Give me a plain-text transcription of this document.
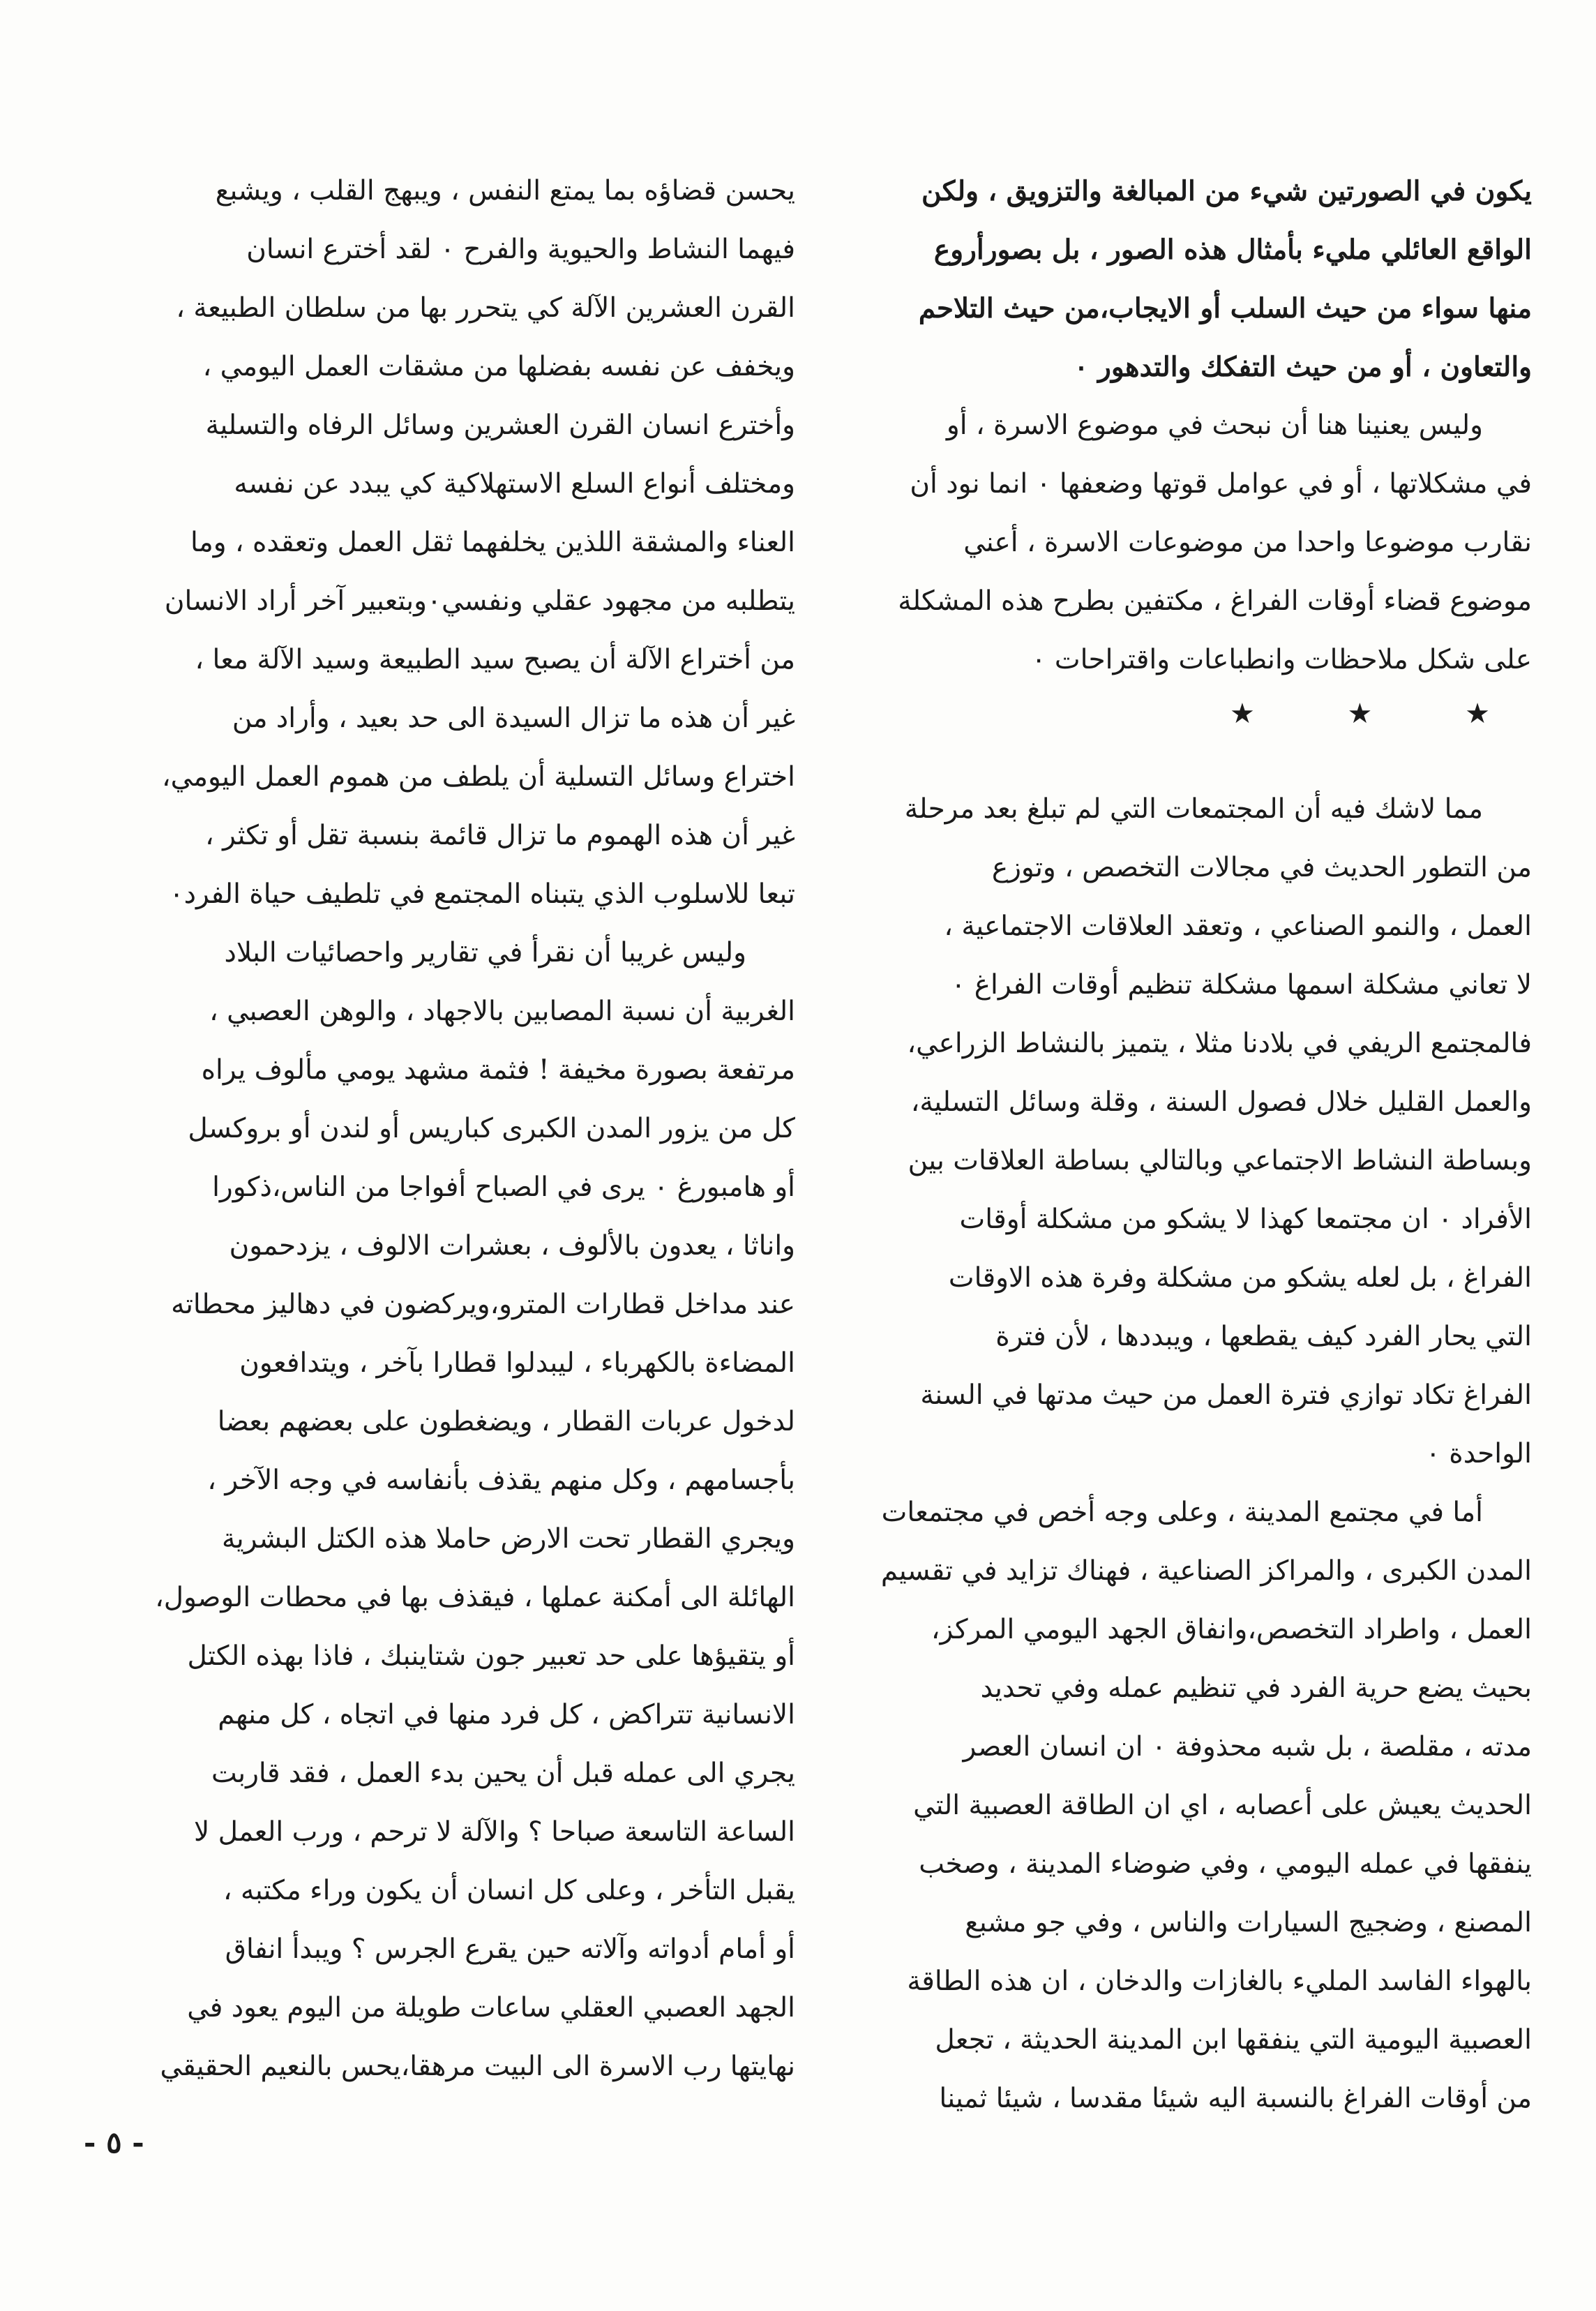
يكون في الصورتين شيء من المبالغة والتزويق ، ولكن
الواقع العائلي مليء بأمثال هذه الصور ، بل بصورأروع
منها سواء من حيث السلب أو الايجاب،من حيث التلاحم
والتعاون ، أو من حيث التفكك والتدهور ٠
وليس يعنينا هنا أن نبحث في موضوع الاسرة ، أو
في مشكلاتها ، أو في عوامل قوتها وضعفها ٠ انما نود أن
نقارب موضوعا واحدا من موضوعات الاسرة ، أعني
موضوع قضاء أوقات الفراغ ، مكتفين بطرح هذه المشكلة
على شكل ملاحظات وانطباعات واقتراحات ٠
★ ★ ★
مما لاشك فيه أن المجتمعات التي لم تبلغ بعد مرحلة
من التطور الحديث في مجالات التخصص ، وتوزع
العمل ، والنمو الصناعي ، وتعقد العلاقات الاجتماعية ،
لا تعاني مشكلة اسمها مشكلة تنظيم أوقات الفراغ ٠
فالمجتمع الريفي في بلادنا مثلا ، يتميز بالنشاط الزراعي،
والعمل القليل خلال فصول السنة ، وقلة وسائل التسلية،
وبساطة النشاط الاجتماعي وبالتالي بساطة العلاقات بين
الأفراد ٠ ان مجتمعا كهذا لا يشكو من مشكلة أوقات
الفراغ ، بل لعله يشكو من مشكلة وفرة هذه الاوقات
التي يحار الفرد كيف يقطعها ، ويبددها ، لأن فترة
الفراغ تكاد توازي فترة العمل من حيث مدتها في السنة
الواحدة ٠
أما في مجتمع المدينة ، وعلى وجه أخص في مجتمعات
المدن الكبرى ، والمراكز الصناعية ، فهناك تزايد في تقسيم
العمل ، واطراد التخصص،وانفاق الجهد اليومي المركز،
بحيث يضع حرية الفرد في تنظيم عمله وفي تحديد
مدته ، مقلصة ، بل شبه محذوفة ٠ ان انسان العصر
الحديث يعيش على أعصابه ، اي ان الطاقة العصبية التي
ينفقها في عمله اليومي ، وفي ضوضاء المدينة ، وصخب
المصنع ، وضجيج السيارات والناس ، وفي جو مشبع
بالهواء الفاسد المليء بالغازات والدخان ، ان هذه الطاقة
العصبية اليومية التي ينفقها ابن المدينة الحديثة ، تجعل
من أوقات الفراغ بالنسبة اليه شيئا مقدسا ، شيئا ثمينا
يحسن قضاؤه بما يمتع النفس ، ويبهج القلب ، ويشبع
فيهما النشاط والحيوية والفرح ٠ لقد أخترع انسان
القرن العشرين الآلة كي يتحرر بها من سلطان الطبيعة ،
ويخفف عن نفسه بفضلها من مشقات العمل اليومي ،
وأخترع انسان القرن العشرين وسائل الرفاه والتسلية
ومختلف أنواع السلع الاستهلاكية كي يبدد عن نفسه
العناء والمشقة اللذين يخلفهما ثقل العمل وتعقده ، وما
يتطلبه من مجهود عقلي ونفسي٠وبتعبير آخر أراد الانسان
من أختراع الآلة أن يصبح سيد الطبيعة وسيد الآلة معا ،
غير أن هذه ما تزال السيدة الى حد بعيد ، وأراد من
اختراع وسائل التسلية أن يلطف من هموم العمل اليومي،
غير أن هذه الهموم ما تزال قائمة بنسبة تقل أو تكثر ،
تبعا للاسلوب الذي يتبناه المجتمع في تلطيف حياة الفرد٠
وليس غريبا أن نقرأ في تقارير واحصائيات البلاد
الغربية أن نسبة المصابين بالاجهاد ، والوهن العصبي ،
مرتفعة بصورة مخيفة ! فثمة مشهد يومي مألوف يراه
كل من يزور المدن الكبرى كباريس أو لندن أو بروكسل
أو هامبورغ ٠ يرى في الصباح أفواجا من الناس،ذكورا
واناثا ، يعدون بالألوف ، بعشرات الالوف ، يزدحمون
عند مداخل قطارات المترو،ويركضون في دهاليز محطاته
المضاءة بالكهرباء ، ليبدلوا قطارا بآخر ، ويتدافعون
لدخول عربات القطار ، ويضغطون على بعضهم بعضا
بأجسامهم ، وكل منهم يقذف بأنفاسه في وجه الآخر ،
ويجري القطار تحت الارض حاملا هذه الكتل البشرية
الهائلة الى أمكنة عملها ، فيقذف بها في محطات الوصول،
أو يتقيؤها على حد تعبير جون شتاينبك ، فاذا بهذه الكتل
الانسانية تتراكض ، كل فرد منها في اتجاه ، كل منهم
يجري الى عمله قبل أن يحين بدء العمل ، فقد قاربت
الساعة التاسعة صباحا ؟ والآلة لا ترحم ، ورب العمل لا
يقبل التأخر ، وعلى كل انسان أن يكون وراء مكتبه ،
أو أمام أدواته وآلاته حين يقرع الجرس ؟ ويبدأ انفاق
الجهد العصبي العقلي ساعات طويلة من اليوم يعود في
نهايتها رب الاسرة الى البيت مرهقا،يحس بالنعيم الحقيقي
- ٥ -
